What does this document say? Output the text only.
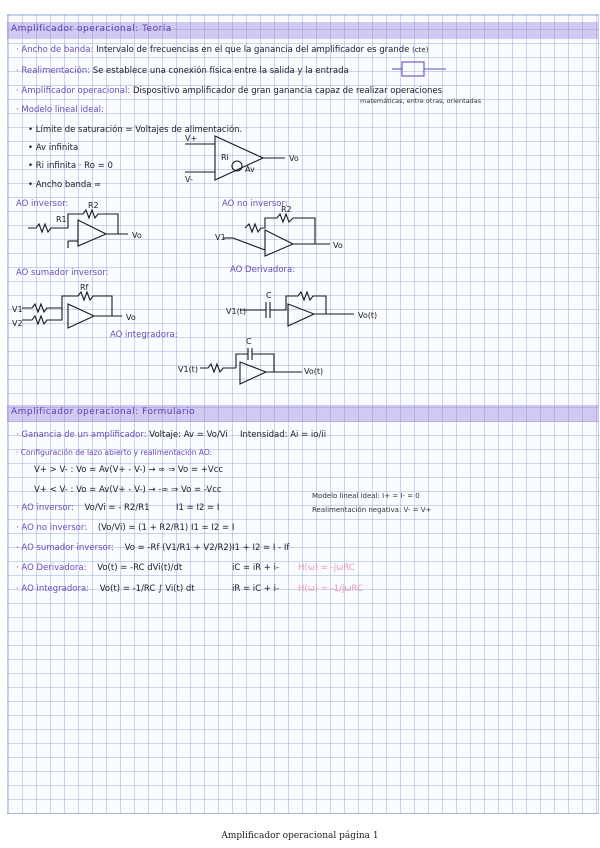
Amplificador operacional: Teoría
· Ancho de banda: Intervalo de frecuencias en el que la ganancia del amplificador es grande (cte)
· Realimentación: Se establece una conexión física entre la salida y la entrada
· Amplificador operacional: Dispositivo amplificador de gran ganancia capaz de realizar operaciones
matemáticas, entre otras, orientadas
· Modelo lineal ideal:
• Límite de saturación = Voltajes de alimentación.
• Av infinita
• Ri infinita · Ro = 0
• Ancho banda ∞
V+
V-
Vo
Ri
Av
AO inversor:
R1
R2
Vo
AO no inversor:
V1
R2
Vo
AO sumador inversor:
V1
V2
Rf
Vo
AO Derivadora:
V1(t)
C
Vo(t)
AO integradora:
V1(t)
C
Vo(t)
Amplificador operacional: Formulario
· Ganancia de un amplificador: Voltaje: Av = Vo/Vi Intensidad: Ai = io/ii
· Configuración de lazo abierto y realimentación AO:
V+ > V- : Vo = Av(V+ - V-) → ∞ ⇒ Vo = +Vcc
V+ < V- : Vo = Av(V+ - V-) → -∞ ⇒ Vo = -Vcc
Modelo lineal ideal: I+ = I- = 0
Realimentación negativa: V- = V+
· AO inversor: Vo/Vi = - R2/R1	I1 = I2 = I
· AO no inversor: (Vo/Vi) = (1 + R2/R1) I1 = I2 = I
· AO sumador inversor: Vo = -Rf (V1/R1 + V2/R2) I1 + I2 = I - If
· AO Derivadora: Vo(t) = -RC dVi(t)/dt	iC = iR + i- H(ω) = -jωRC
· AO integradora: Vo(t) = -1/RC ∫ Vi(t) dt	iR = iC + i- H(ω) = -1/jωRC
Amplificador operacional página 1
